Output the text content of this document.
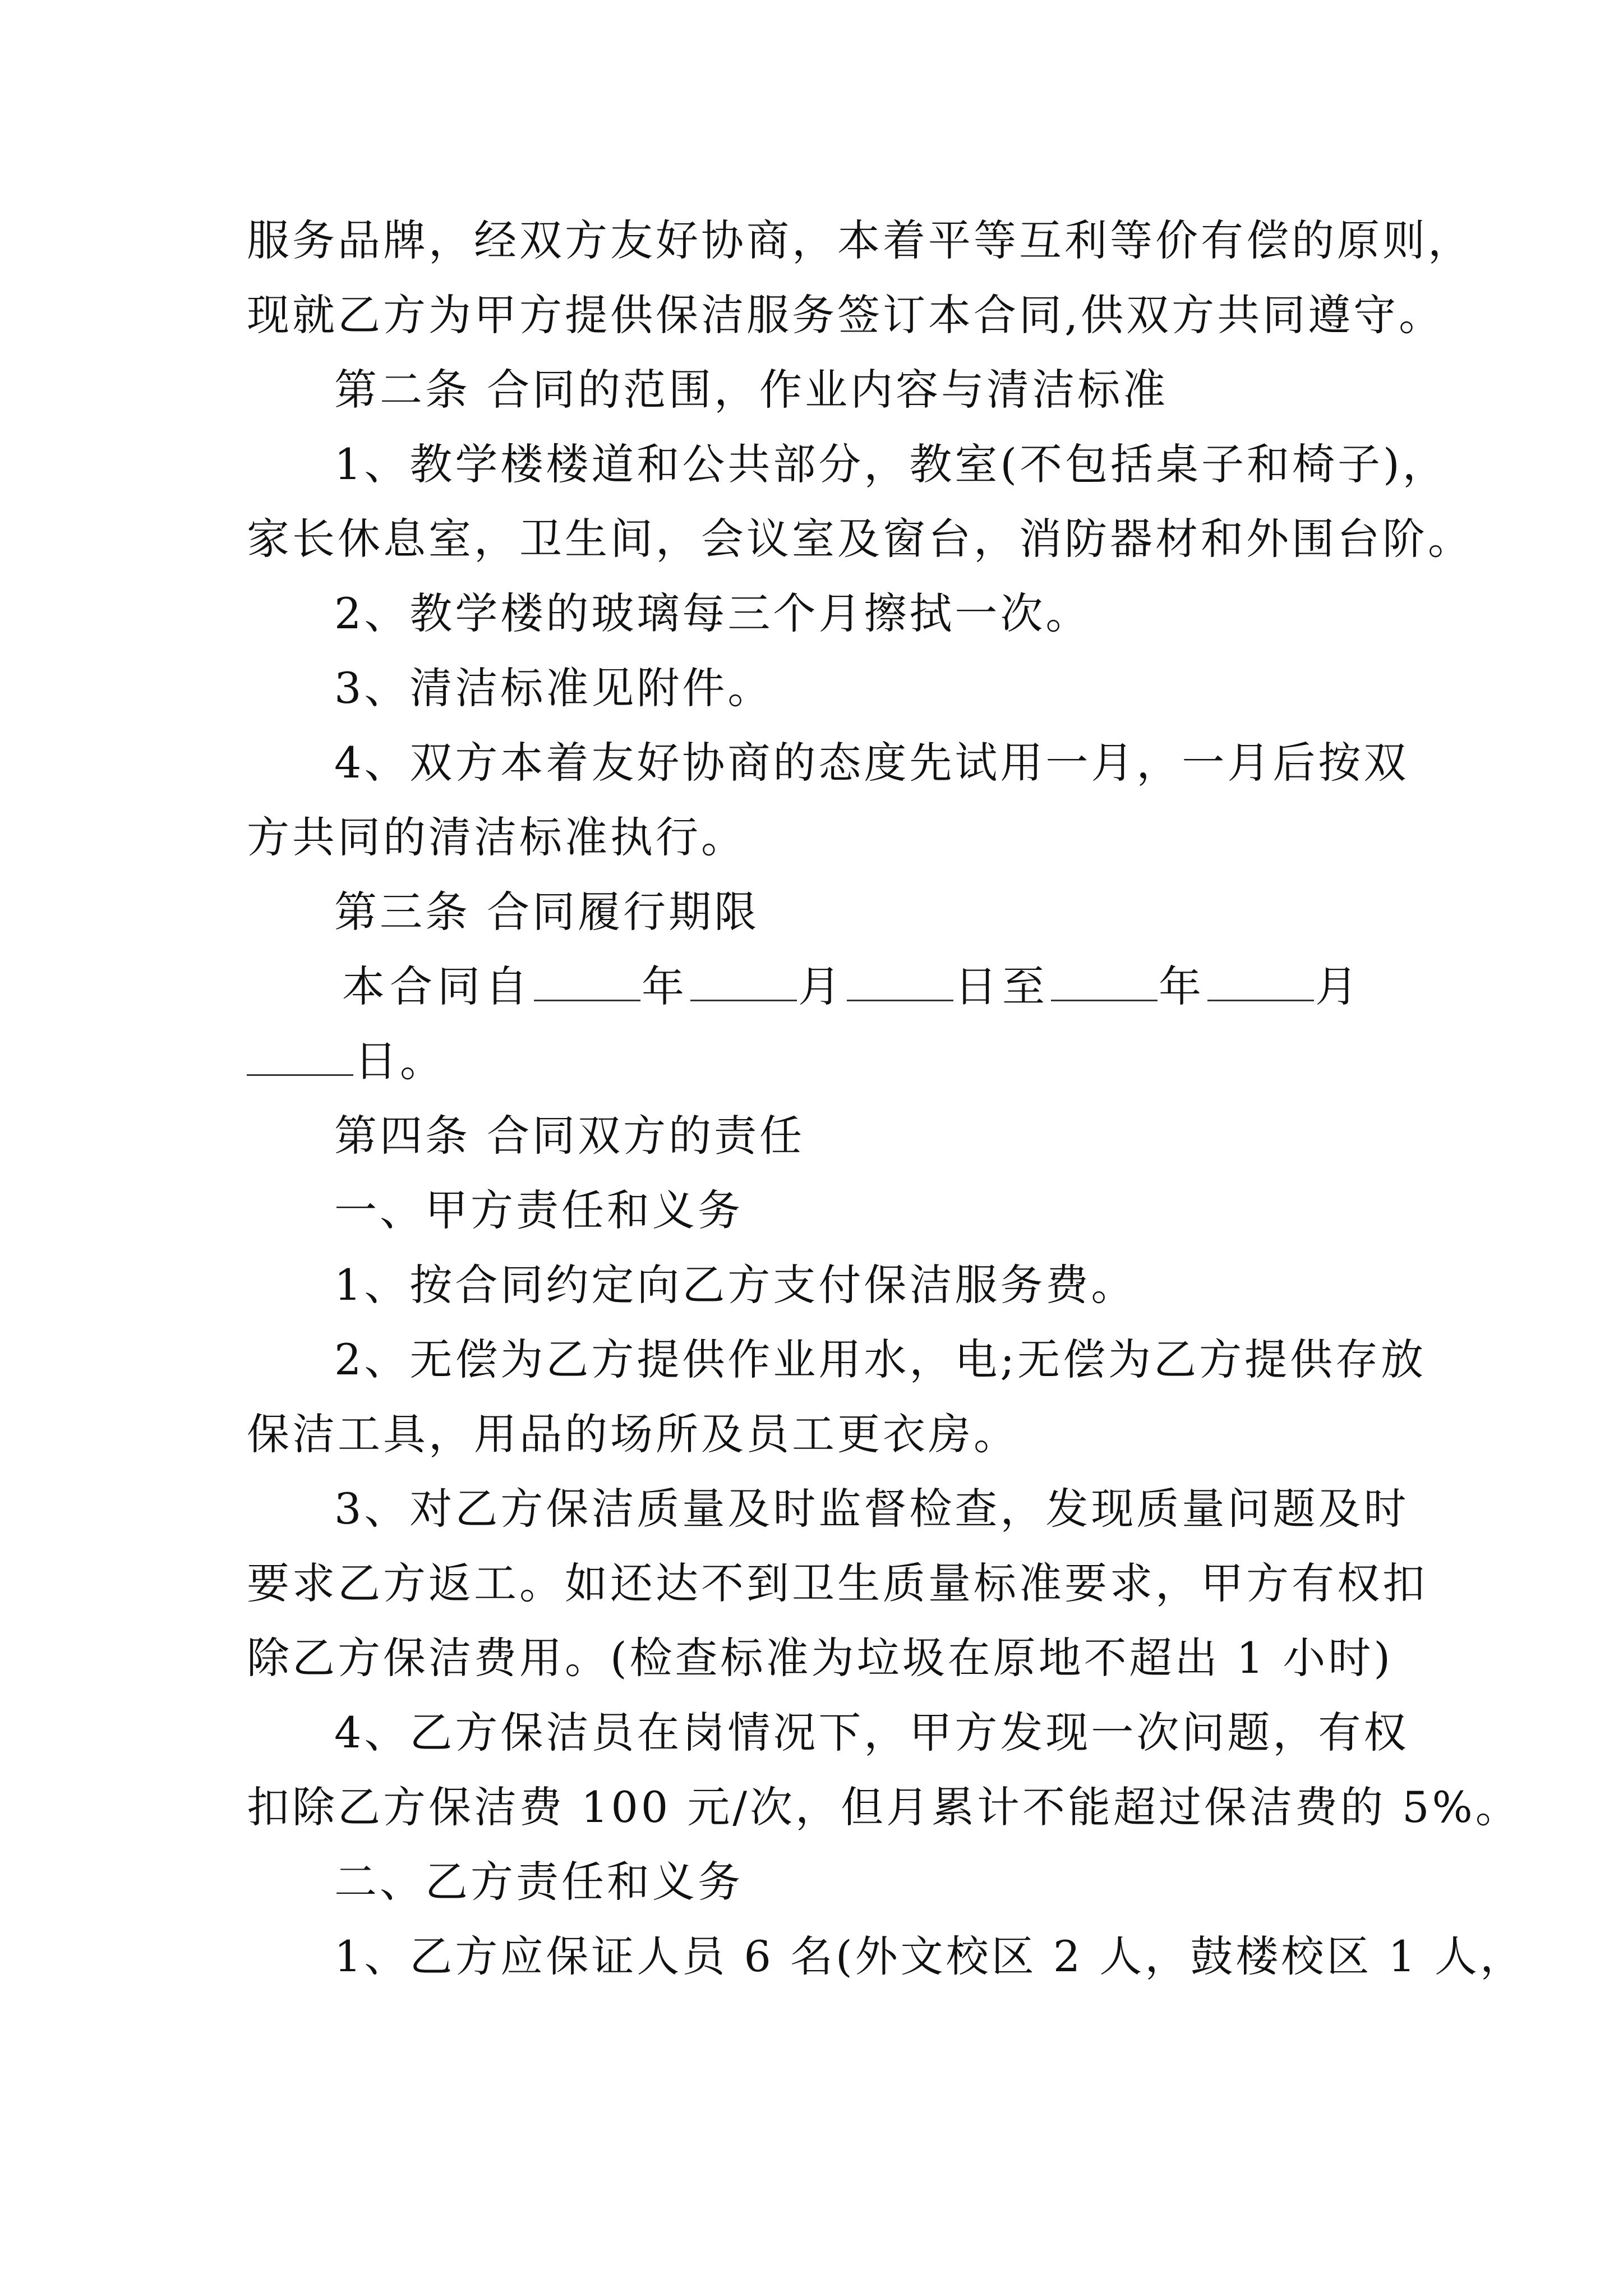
服务品牌，经双方友好协商，本着平等互利等价有偿的原则，
现就乙方为甲方提供保洁服务签订本合同,供双方共同遵守。
第二条 合同的范围，作业内容与清洁标准
1、教学楼楼道和公共部分，教室(不包括桌子和椅子)，
家长休息室，卫生间，会议室及窗台，消防器材和外围台阶。
2、教学楼的玻璃每三个月擦拭一次。
3、清洁标准见附件。
4、双方本着友好协商的态度先试用一月，一月后按双
方共同的清洁标准执行。
第三条 合同履行期限
本合同自	年	月	日至	年	月
日。
第四条 合同双方的责任
一、甲方责任和义务
1、按合同约定向乙方支付保洁服务费。
2、无偿为乙方提供作业用水，电;无偿为乙方提供存放
保洁工具，用品的场所及员工更衣房。
3、对乙方保洁质量及时监督检查，发现质量问题及时
要求乙方返工。如还达不到卫生质量标准要求，甲方有权扣
除乙方保洁费用。(检查标准为垃圾在原地不超出 1 小时)
4、乙方保洁员在岗情况下，甲方发现一次问题，有权
扣除乙方保洁费 100 元/次，但月累计不能超过保洁费的 5%。
二、乙方责任和义务
1、乙方应保证人员 6 名(外文校区 2 人，鼓楼校区 1 人，
